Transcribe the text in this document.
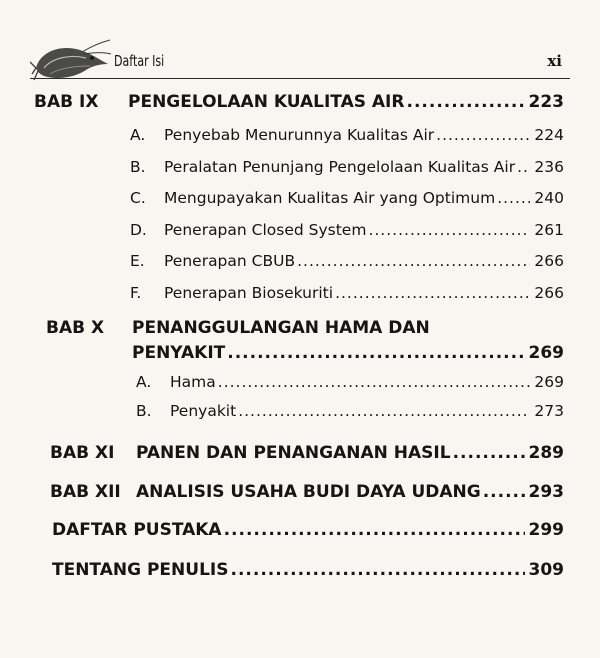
Daftar Isi	xi
BAB IX PENGELOLAAN KUALITAS AIR .....	223
A. Penyebab Menurunnya Kualitas Air .....	224
B. Peralatan Penunjang Pengelolaan Kualitas Air ..... 236
C. Mengupayakan Kualitas Air yang Optimum .....	240
D. Penerapan Closed System .....	261
E. Penerapan CBUB .....	266
F. Penerapan Biosekuriti .....	266
BAB X PENANGGULANGAN HAMA DAN
PENYAKIT .....	269
A. Hama .....	269
B. Penyakit .....	273
BAB XI PANEN DAN PENANGANAN HASIL .....	289
BAB XII ANALISIS USAHA BUDI DAYA UDANG .....	293
DAFTAR PUSTAKA .....	299
TENTANG PENULIS .....	309
